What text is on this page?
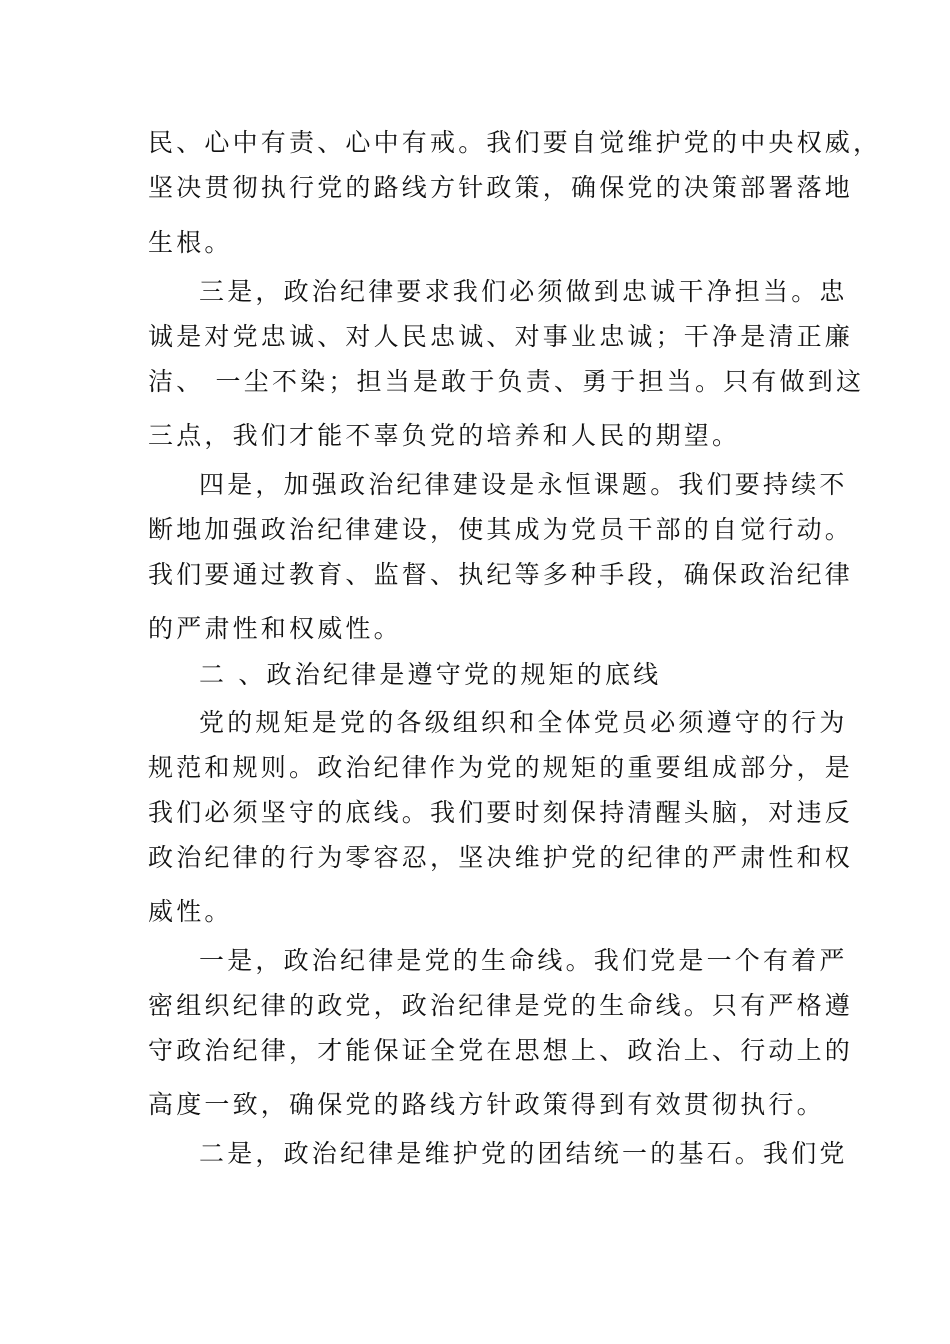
民、心中有责、心中有戒。我们要自觉维护党的中央权威，
坚决贯彻执行党的路线方针政策，确保党的决策部署落地
生根。
三是，政治纪律要求我们必须做到忠诚干净担当。忠
诚是对党忠诚、对人民忠诚、对事业忠诚；干净是清正廉
洁、 一尘不染；担当是敢于负责、勇于担当。只有做到这
三点，我们才能不辜负党的培养和人民的期望。
四是，加强政治纪律建设是永恒课题。我们要持续不
断地加强政治纪律建设，使其成为党员干部的自觉行动。
我们要通过教育、监督、执纪等多种手段，确保政治纪律
的严肃性和权威性。
二 、政治纪律是遵守党的规矩的底线
党的规矩是党的各级组织和全体党员必须遵守的行为
规范和规则。政治纪律作为党的规矩的重要组成部分，是
我们必须坚守的底线。我们要时刻保持清醒头脑，对违反
政治纪律的行为零容忍，坚决维护党的纪律的严肃性和权
威性。
一是，政治纪律是党的生命线。我们党是一个有着严
密组织纪律的政党，政治纪律是党的生命线。只有严格遵
守政治纪律，才能保证全党在思想上、政治上、行动上的
高度一致，确保党的路线方针政策得到有效贯彻执行。
二是，政治纪律是维护党的团结统一的基石。我们党
